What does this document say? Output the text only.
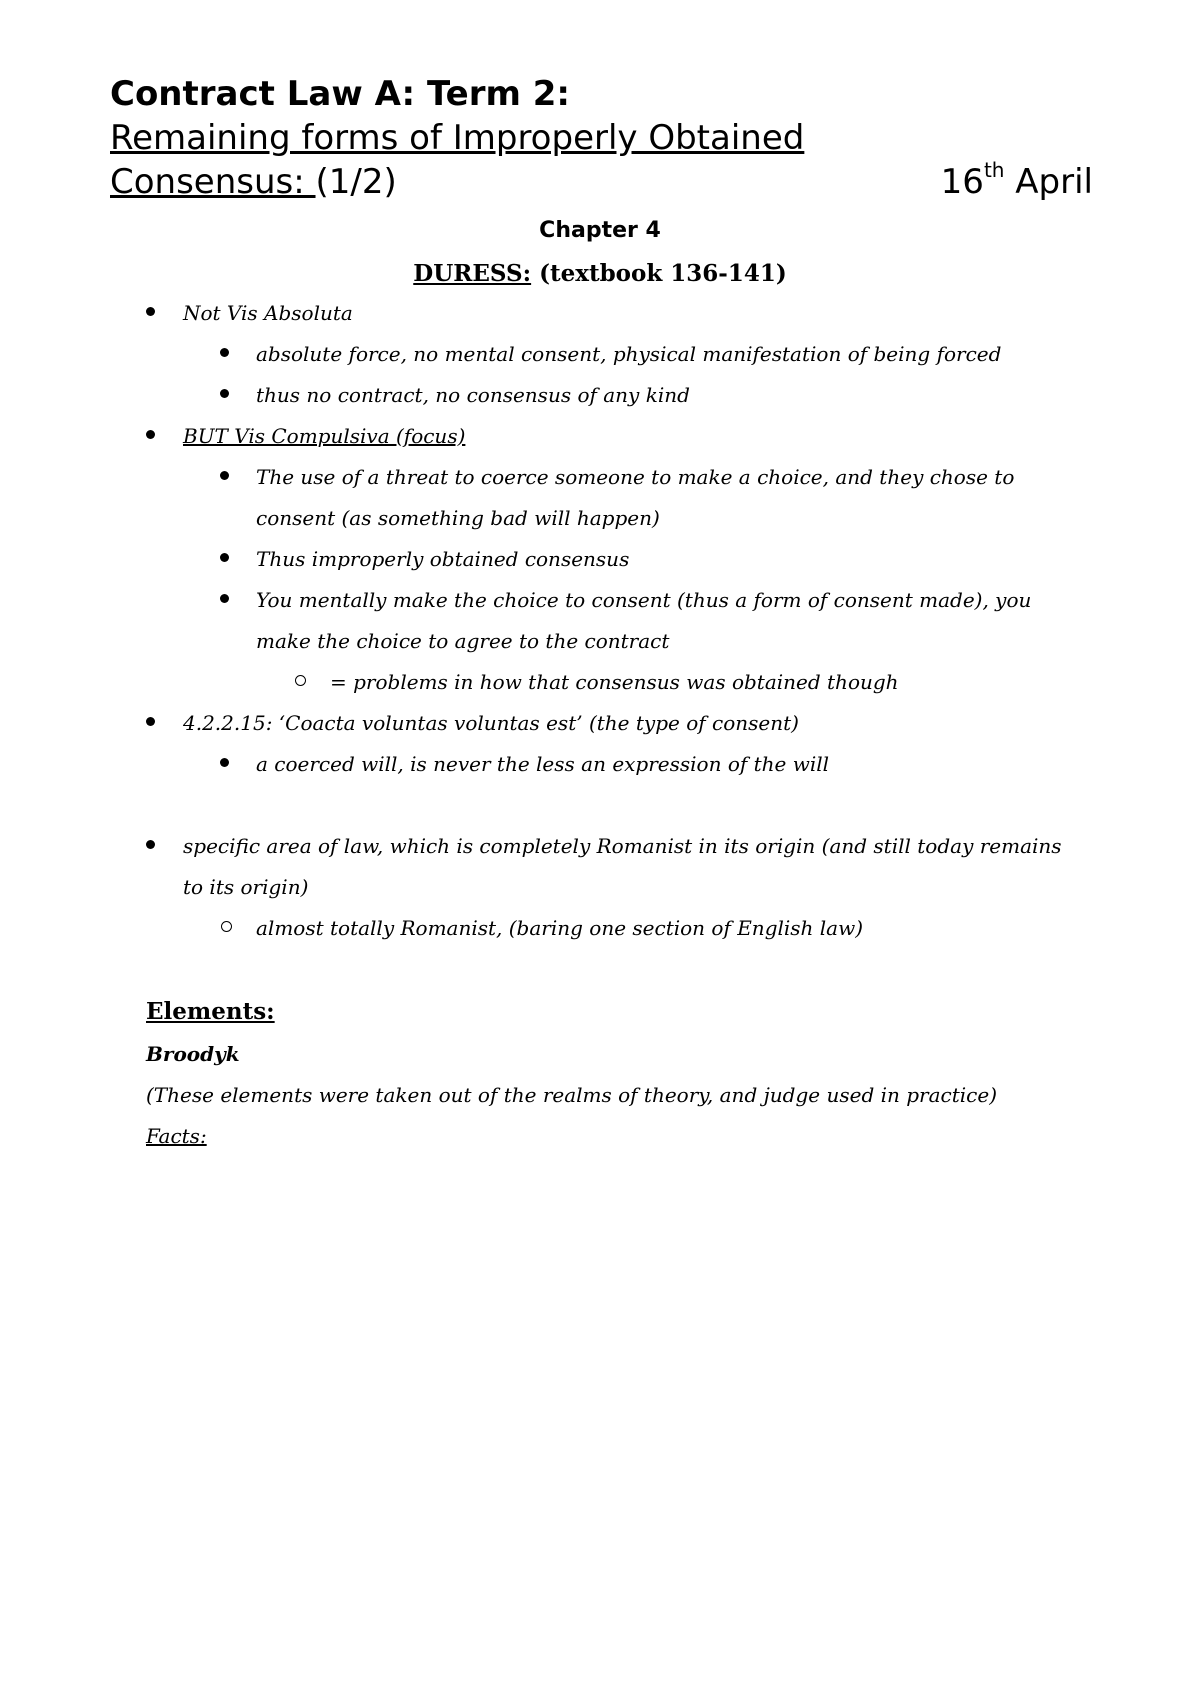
Contract Law A: Term 2:
Remaining forms of Improperly Obtained
Consensus: (1/2)	16th April
Chapter 4
DURESS: (textbook 136-141)
Not Vis Absoluta
absolute force, no mental consent, physical manifestation of being forced
thus no contract, no consensus of any kind
BUT Vis Compulsiva (focus)
The use of a threat to coerce someone to make a choice, and they chose to
consent (as something bad will happen)
Thus improperly obtained consensus
You mentally make the choice to consent (thus a form of consent made), you
make the choice to agree to the contract
= problems in how that consensus was obtained though
4.2.2.15: ‘Coacta voluntas voluntas est’ (the type of consent)
a coerced will, is never the less an expression of the will
specific area of law, which is completely Romanist in its origin (and still today remains
to its origin)
almost totally Romanist, (baring one section of English law)
Elements:
Broodyk
(These elements were taken out of the realms of theory, and judge used in practice)
Facts:
